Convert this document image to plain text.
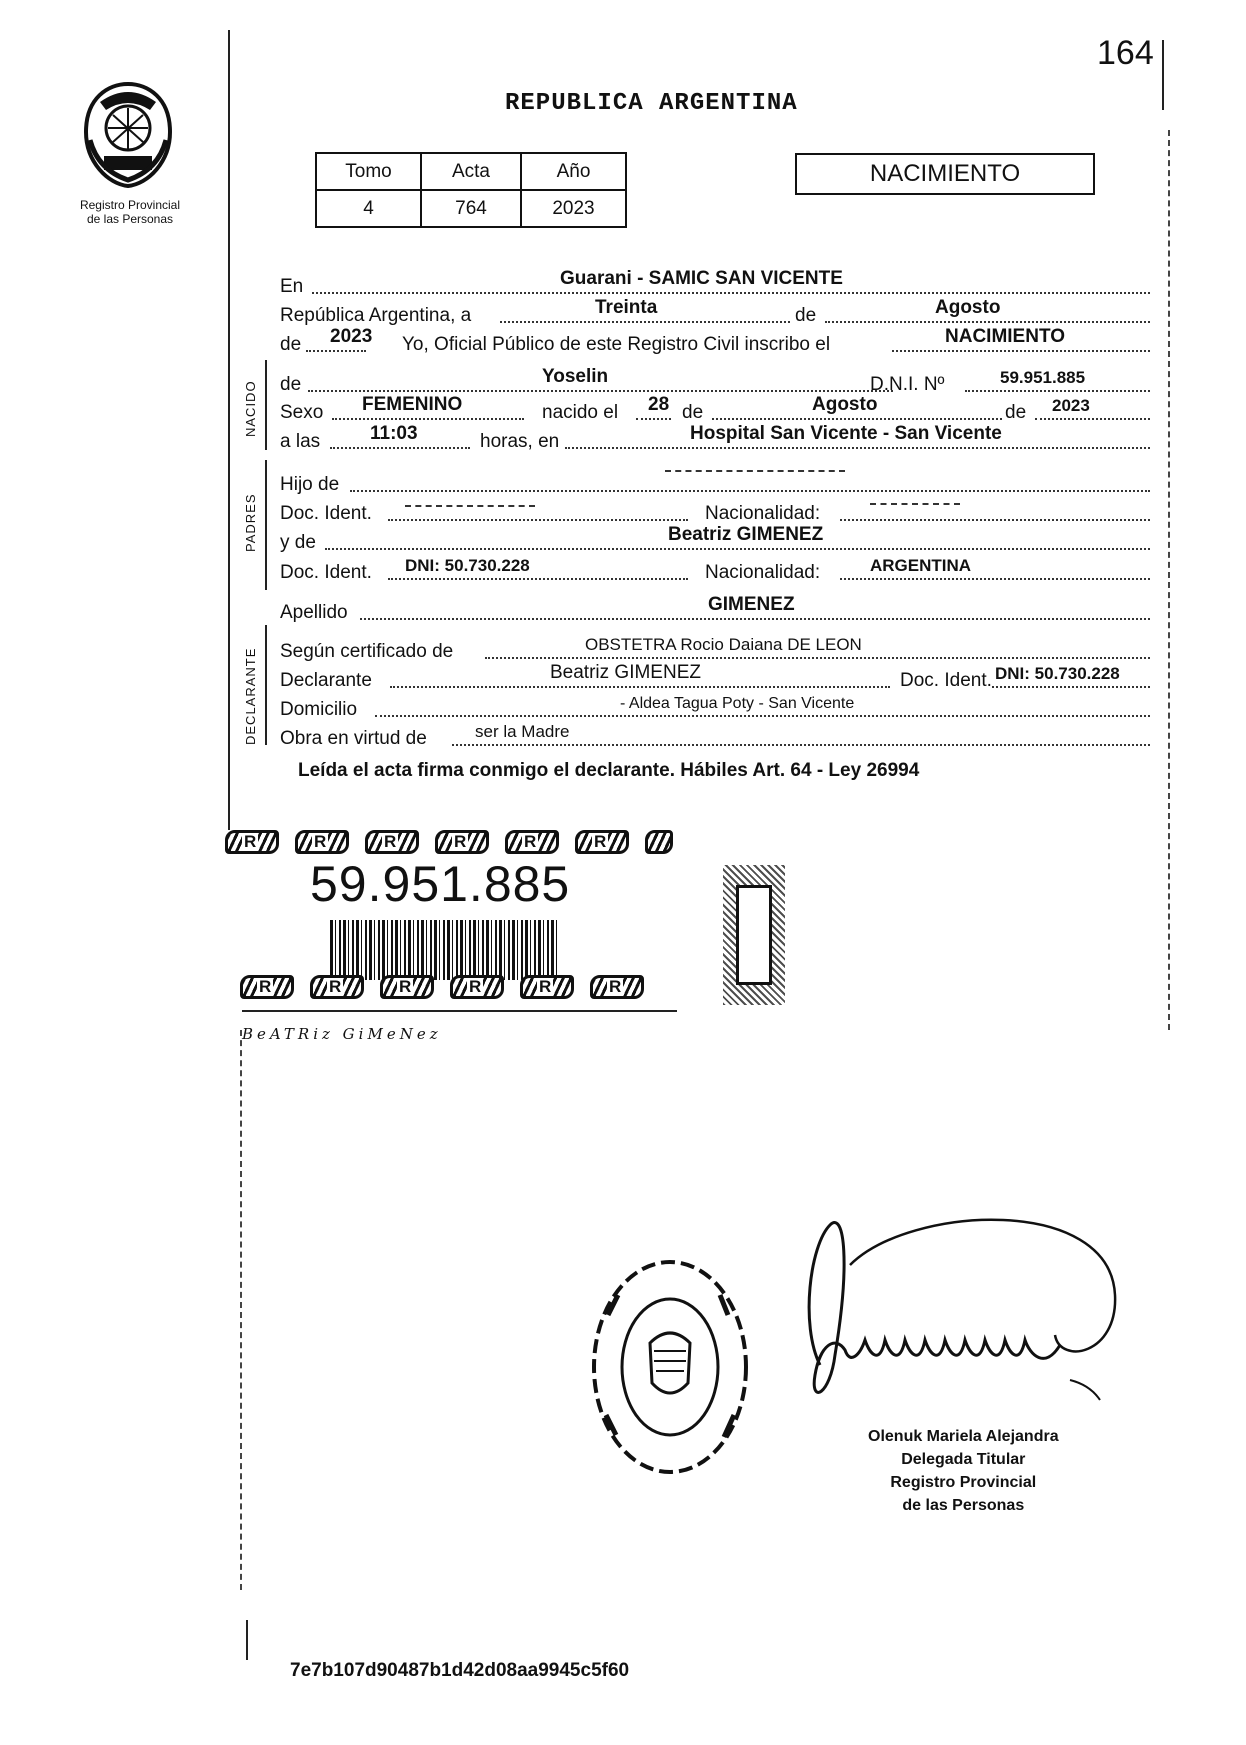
164
REPUBLICA ARGENTINA
Registro Provincial
de las Personas
Tomo	Acta	Año
4	764	2023
NACIMIENTO
NACIDO
PADRES
DECLARANTE
En	Guarani - SAMIC SAN VICENTE
República Argentina, a	Treinta	de	Agosto
de 2023 Yo, Oficial Público de este Registro Civil inscribo el	NACIMIENTO
de	Yoselin	D.N.I. Nº	59.951.885
Sexo FEMENINO	nacido el 28 de	Agosto	de 2023
a las	11:03	horas, en	Hospital San Vicente - San Vicente
Hijo de
Doc. Ident.	Nacionalidad:
y de	Beatriz GIMENEZ
Doc. Ident. DNI: 50.730.228	Nacionalidad:	ARGENTINA
Apellido	GIMENEZ
Según certificado de	OBSTETRA Rocio Daiana DE LEON
Declarante	Beatriz GIMENEZ	Doc. Ident. DNI: 50.730.228
Domicilio	- Aldea Tagua Poty - San Vicente
Obra en virtud de	ser la Madre
Leída el acta firma conmigo el declarante. Hábiles Art. 64 - Ley 26994
R	R	R	R	R	R
59.951.885
R	R	R	R	R	R
BeATRiz GiMeNez
Olenuk Mariela Alejandra
Delegada Titular
Registro Provincial
de las Personas
7e7b107d90487b1d42d08aa9945c5f60
